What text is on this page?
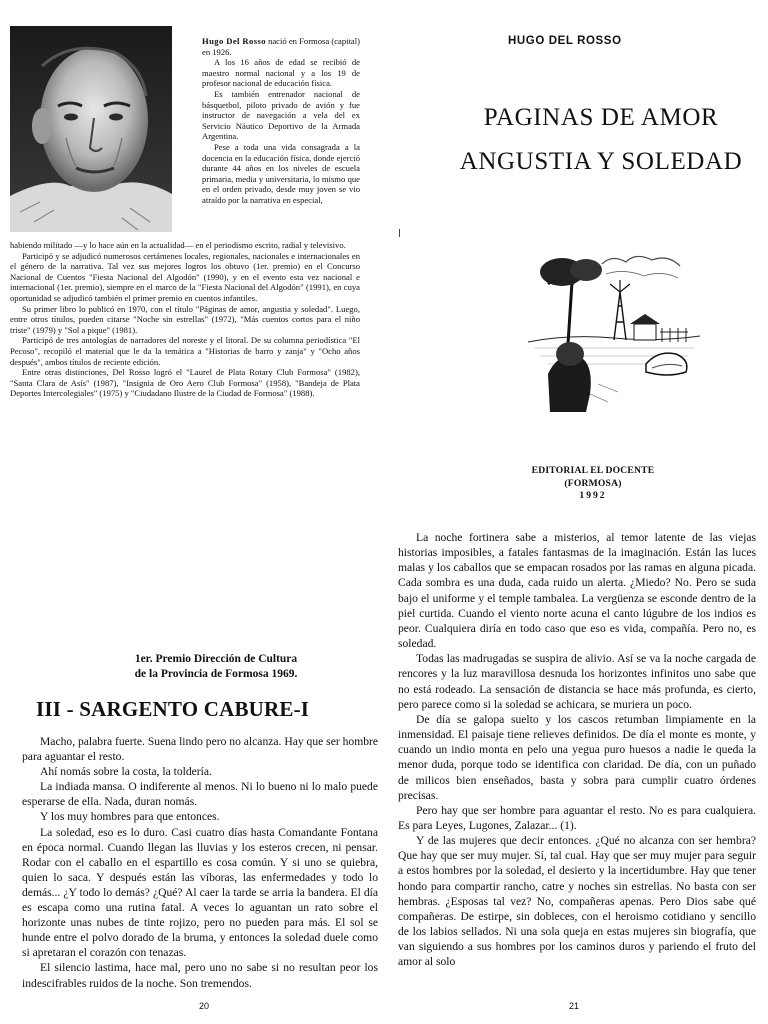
Hugo Del Rosso nació en Formosa (capital) en 1926.

A los 16 años de edad se recibió de maestro normal nacional y a los 19 de profesor nacional de educación física.

Es también entrenador nacional de básquetbol, piloto privado de avión y fue instructor de navegación a vela del ex Servicio Náutico Deportivo de la Armada Argentina.

Pese a toda una vida consagrada a la docencia en la educación física, donde ejerció durante 44 años en los niveles de escuela primaria, media y universitaria, lo mismo que en el orden privado, desde muy joven se vio atraído por la narrativa en especial,

habiendo militado —y lo hace aún en la actualidad— en el periodismo escrito, radial y televisivo.

Participó y se adjudicó numerosos certámenes locales, regionales, nacionales e internacionales en el género de la narrativa. Tal vez sus mejores logros los obtuvo (1er. premio) en el Concurso Nacional de Cuentos "Fiesta Nacional del Algodón" (1990), y en el evento esta vez nacional e internacional (1er. premio), siempre en el marco de la "Fiesta Nacional del Algodón" (1991), en cuya oportunidad se adjudicó también el primer premio en cuentos infantiles.

Su primer libro lo publicó en 1970, con el título "Páginas de amor, angustia y soledad". Luego, entre otros títulos, pueden citarse "Noche sin estrellas" (1972), "Más cuentos cortos para el niño triste" (1979) y "Sol a pique" (1981).

Participó de tres antologías de narradores del noreste y el litoral. De su columna periodística "El Pecoso", recopiló el material que le da la temática a "Historias de barro y zanja" y "Ocho años después", ambos títulos de reciente edición.

Entre otras distinciones, Del Rosso logró el "Laurel de Plata Rotary Club Formosa" (1982), "Santa Clara de Asís" (1987), "Insignia de Oro Aero Club Formosa" (1958), "Bandeja de Plata Deportes Intercolegiales" (1975) y "Ciudadano Ilustre de la Ciudad de Formosa" (1988).

1er. Premio Dirección de Cultura
de la Provincia de Formosa 1969.
III - SARGENTO CABURE-I

Macho, palabra fuerte. Suena lindo pero no alcanza. Hay que ser hombre para aguantar el resto.

Ahí nomás sobre la costa, la toldería.

La indiada mansa. O indiferente al menos. Ni lo bueno ni lo malo puede esperarse de ella. Nada, duran nomás.

Y los muy hombres para que entonces.

La soledad, eso es lo duro. Casi cuatro días hasta Comandante Fontana en época normal. Cuando llegan las lluvias y los esteros crecen, ni pensar. Rodar con el caballo en el espartillo es cosa común. Y si uno se quiebra, quien lo saca. Y después están las víboras, las enfermedades y todo lo demás... ¿Y todo lo demás? ¿Qué? Al caer la tarde se arria la bandera. El día es escapa como una rutina fatal. A veces lo aguantan un rato sobre el horizonte unas nubes de tinte rojizo, pero no pueden para más. El sol se hunde entre el polvo dorado de la bruma, y entonces la soledad duele como si apretaran el corazón con tenazas.

El silencio lastima, hace mal, pero uno no sabe si no resultan peor los indescifrables ruidos de la noche. Son tremendos.

20
HUGO DEL ROSSO
PAGINAS DE AMOR
ANGUSTIA Y SOLEDAD
EDITORIAL EL DOCENTE
(FORMOSA)
1992

La noche fortinera sabe a misterios, al temor latente de las viejas historias imposibles, a fatales fantasmas de la imaginación. Están las luces malas y los caballos que se empacan rosados por las ramas en alguna picada. Cada sombra es una duda, cada ruido un alerta. ¿Miedo? No. Pero se suda bajo el uniforme y el temple tambalea. La vergüenza se esconde dentro de la piel curtida. Cuando el viento norte acuna el canto lúgubre de los indios es peor. Cualquiera diría en todo caso que eso es vida, compañía. Pero no, es soledad.

Todas las madrugadas se suspira de alivio. Así se va la noche cargada de rencores y la luz maravillosa desnuda los horizontes infinitos uno sabe que no está rodeado. La sensación de distancia se hace más profunda, es cierto, pero parece como si la soledad se achicara, se muriera un poco.

De día se galopa suelto y los cascos retumban limpiamente en la inmensidad. El paisaje tiene relieves definidos. De día el monte es monte, y cuando un indio monta en pelo una yegua puro huesos a nadie le queda la menor duda, porque todo se identifica con claridad. De día, con un puñado de milicos bien enseñados, basta y sobra para cumplir cuatro órdenes precisas.

Pero hay que ser hombre para aguantar el resto. No es para cualquiera. Es para Leyes, Lugones, Zalazar... (1).

Y de las mujeres que decir entonces. ¿Qué no alcanza con ser hembra? Que hay que ser muy mujer. Sí, tal cual. Hay que ser muy mujer para seguir a estos hombres por la soledad, el desierto y la incertidumbre. Hay que tener hondo para compartir rancho, catre y noches sin estrellas. No basta con ser hembras. ¿Esposas tal vez? No, compañeras apenas. Pero Dios sabe qué compañeras. De estirpe, sin dobleces, con el heroismo cotidiano y sencillo de los labios sellados. Ni una sola queja en estas mujeres sin biografía, que van siguiendo a sus hombres por los caminos duros y pariendo el fruto del amor al solo

21
